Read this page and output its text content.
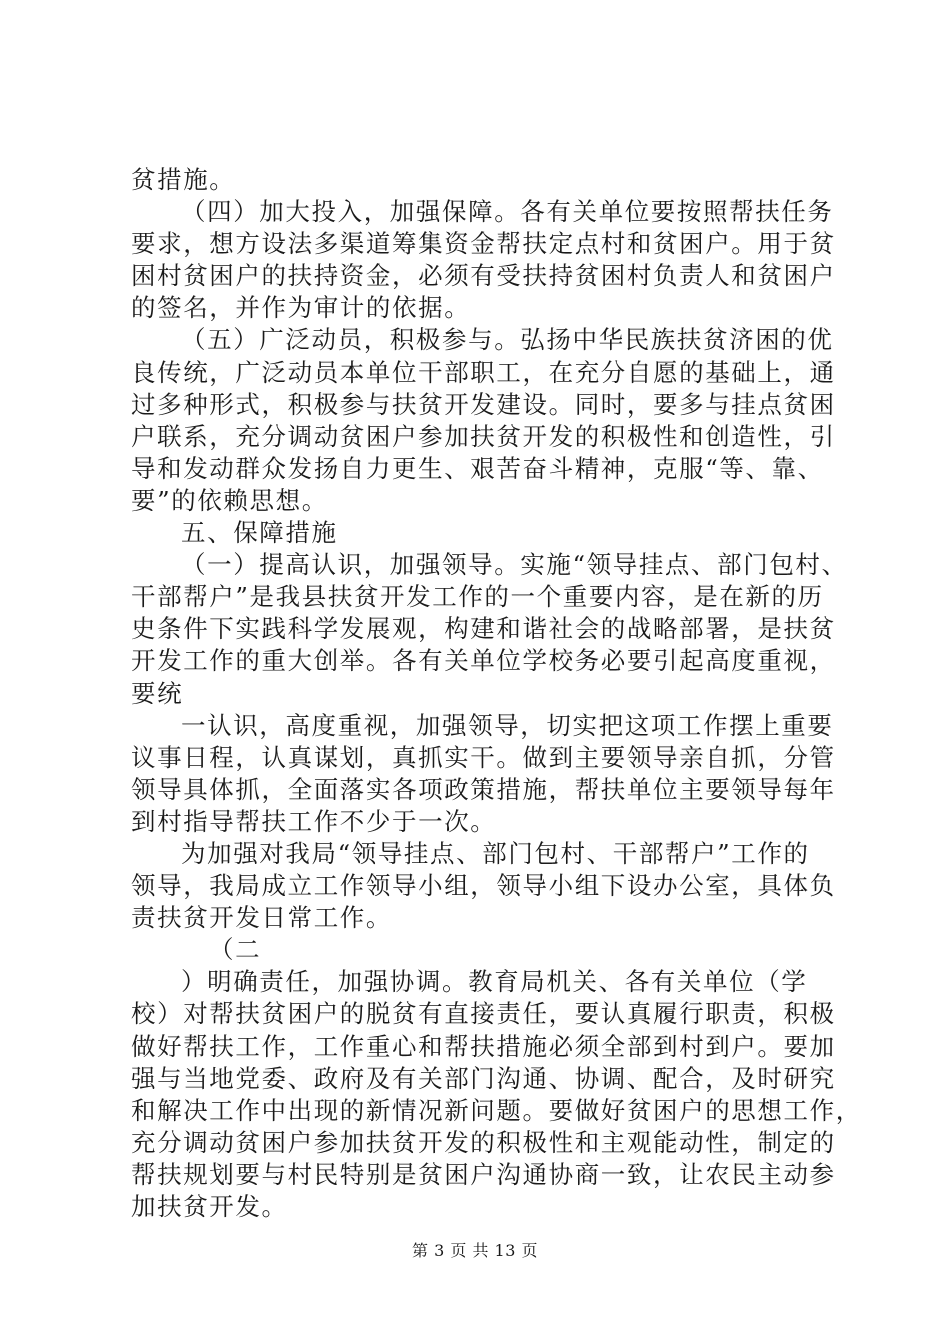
贫措施。
（四）加大投入，加强保障。各有关单位要按照帮扶任务
要求，想方设法多渠道筹集资金帮扶定点村和贫困户。用于贫
困村贫困户的扶持资金，必须有受扶持贫困村负责人和贫困户
的签名，并作为审计的依据。
（五）广泛动员，积极参与。弘扬中华民族扶贫济困的优
良传统，广泛动员本单位干部职工，在充分自愿的基础上，通
过多种形式，积极参与扶贫开发建设。同时，要多与挂点贫困
户联系，充分调动贫困户参加扶贫开发的积极性和创造性，引
导和发动群众发扬自力更生、艰苦奋斗精神，克服“等、靠、
要”的依赖思想。
五、保障措施
（一）提高认识，加强领导。实施“领导挂点、部门包村、
干部帮户”是我县扶贫开发工作的一个重要内容，是在新的历
史条件下实践科学发展观，构建和谐社会的战略部署，是扶贫
开发工作的重大创举。各有关单位学校务必要引起高度重视，
要统
一认识，高度重视，加强领导，切实把这项工作摆上重要
议事日程，认真谋划，真抓实干。做到主要领导亲自抓，分管
领导具体抓，全面落实各项政策措施，帮扶单位主要领导每年
到村指导帮扶工作不少于一次。
为加强对我局“领导挂点、部门包村、干部帮户”工作的
领导，我局成立工作领导小组，领导小组下设办公室，具体负
责扶贫开发日常工作。
（二
）明确责任，加强协调。教育局机关、各有关单位（学
校）对帮扶贫困户的脱贫有直接责任，要认真履行职责，积极
做好帮扶工作，工作重心和帮扶措施必须全部到村到户。要加
强与当地党委、政府及有关部门沟通、协调、配合，及时研究
和解决工作中出现的新情况新问题。要做好贫困户的思想工作，
充分调动贫困户参加扶贫开发的积极性和主观能动性，制定的
帮扶规划要与村民特别是贫困户沟通协商一致，让农民主动参
加扶贫开发。
第 3 页 共 13 页
